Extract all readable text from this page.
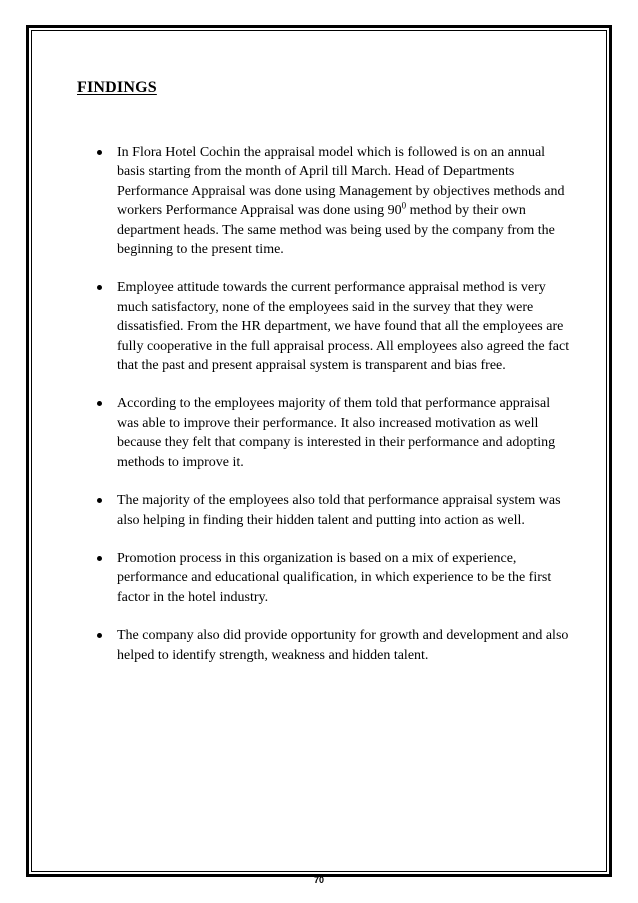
FINDINGS
In Flora Hotel Cochin the appraisal model which is followed is on an annual basis starting from the month of April till March. Head of Departments Performance Appraisal was done using Management by objectives methods and workers Performance Appraisal was done using $90^0$ method by their own department heads. The same method was being used by the company from the beginning to the present time.
Employee attitude towards the current performance appraisal method is very much satisfactory, none of the employees said in the survey that they were dissatisfied. From the HR department, we have found that all the employees are fully cooperative in the full appraisal process. All employees also agreed the fact that the past and present appraisal system is transparent and bias free.
According to the employees majority of them told that performance appraisal was able to improve their performance. It also increased motivation as well because they felt that company is interested in their performance and adopting methods to improve it.
The majority of the employees also told that performance appraisal system was also helping in finding their hidden talent and putting into action as well.
Promotion process in this organization is based on a mix of experience, performance and educational qualification, in which experience to be the first factor in the hotel industry.
The company also did provide opportunity for growth and development and also helped to identify strength, weakness and hidden talent.
70
